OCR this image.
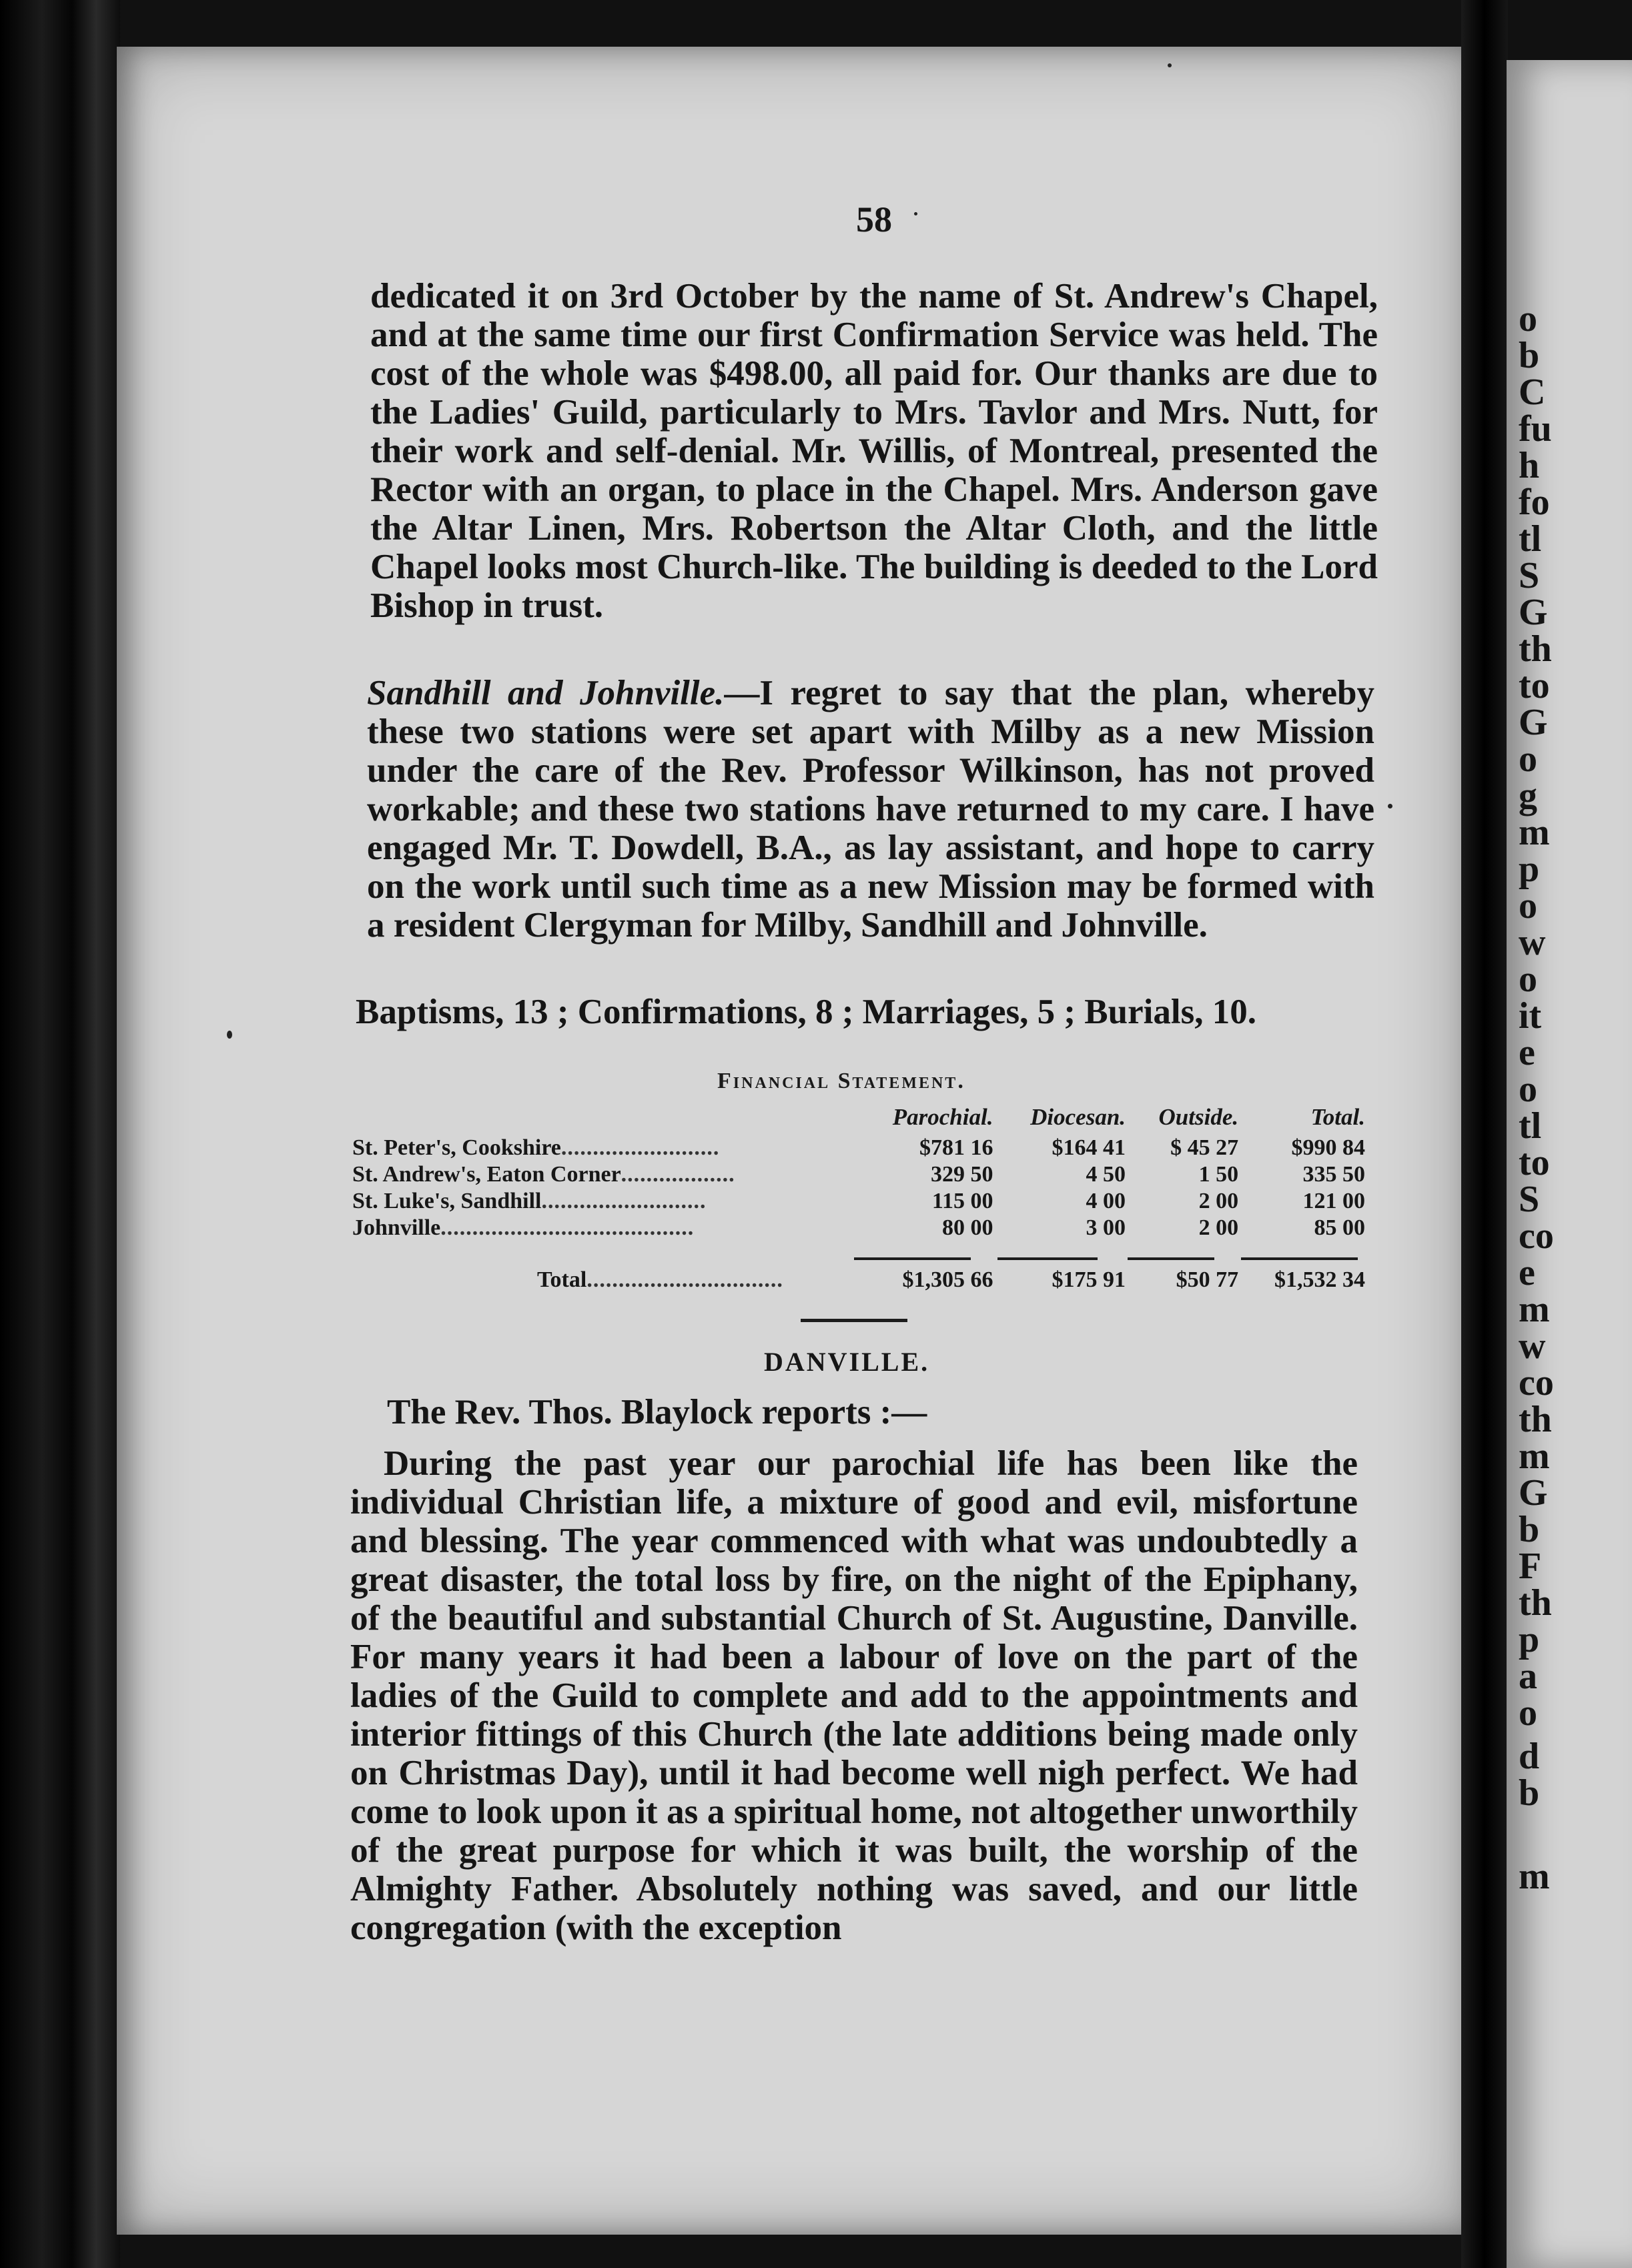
58

dedicated it on 3rd October by the name of St. Andrew's Chapel, and at the same time our first Confirmation Service was held. The cost of the whole was $498.00, all paid for. Our thanks are due to the Ladies' Guild, particularly to Mrs. Tavlor and Mrs. Nutt, for their work and self-denial. Mr. Willis, of Montreal, presented the Rector with an organ, to place in the Chapel. Mrs. Anderson gave the Altar Linen, Mrs. Robertson the Altar Cloth, and the little Chapel looks most Church-like. The building is deeded to the Lord Bishop in trust.

Sandhill and Johnville.—I regret to say that the plan, whereby these two stations were set apart with Milby as a new Mission under the care of the Rev. Professor Wilkinson, has not proved workable; and these two stations have returned to my care. I have engaged Mr. T. Dowdell, B.A., as lay assistant, and hope to carry on the work until such time as a new Mission may be formed with a resident Clergyman for Milby, Sandhill and Johnville.

Baptisms, 13 ; Confirmations, 8 ; Marriages, 5 ; Burials, 10.

Financial Statement.
	Parochial.	Diocesan.	Outside.	Total.
St. Peter's, Cookshire.........................	$781 16	$164 41	$ 45 27	$990 84
St. Andrew's, Eaton Corner..................	329 50	4 50	1 50	335 50
St. Luke's, Sandhill..........................	115 00	4 00	2 00	121 00
Johnville........................................	80 00	3 00	2 00	85 00
Total...............................	$1,305 66	$175 91	$50 77	$1,532 34
DANVILLE.

The Rev. Thos. Blaylock reports :—

During the past year our parochial life has been like the individual Christian life, a mixture of good and evil, misfortune and blessing. The year commenced with what was undoubtedly a great disaster, the total loss by fire, on the night of the Epiphany, of the beautiful and substantial Church of St. Augustine, Danville. For many years it had been a labour of love on the part of the ladies of the Guild to complete and add to the appointments and interior fittings of this Church (the late additions being made only on Christmas Day), until it had become well nigh perfect. We had come to look upon it as a spiritual home, not altogether unworthily of the great purpose for which it was built, the worship of the Almighty Father. Absolutely nothing was saved, and our little congregation (with the exception

o
b
C
fu
h
fo
tl
S
G
th
to
G
o
g
m
p
o
w
o
it
e
o
tl
to
S
co
e
m
w
co
th
m
G
b
F
th
p
a
o
d
b
m
